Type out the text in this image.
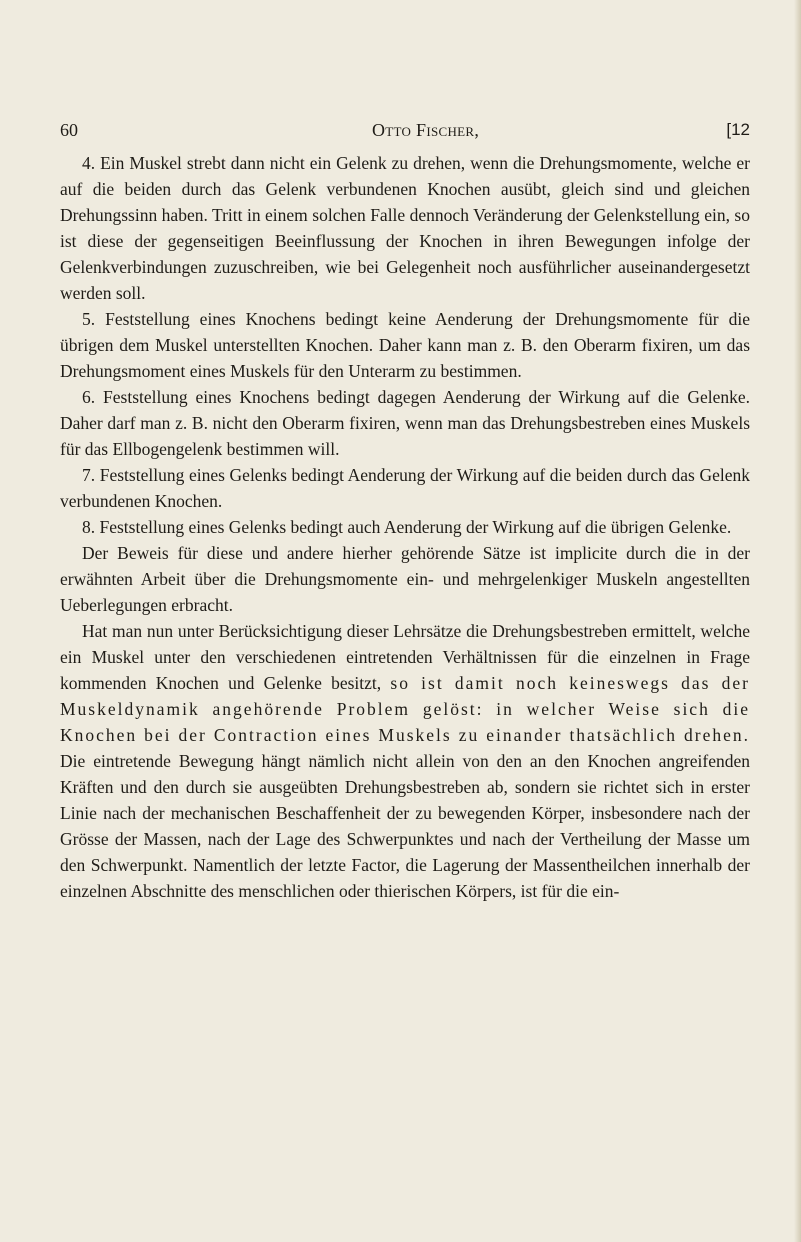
60	Otto Fischer,	[12

4. Ein Muskel strebt dann nicht ein Gelenk zu drehen, wenn die Drehungsmomente, welche er auf die beiden durch das Gelenk verbundenen Knochen ausübt, gleich sind und gleichen Drehungssinn haben. Tritt in einem solchen Falle dennoch Veränderung der Gelenkstellung ein, so ist diese der gegenseitigen Beeinflussung der Knochen in ihren Bewegungen infolge der Gelenkverbindungen zuzuschreiben, wie bei Gelegenheit noch ausführlicher auseinandergesetzt werden soll.

5. Feststellung eines Knochens bedingt keine Aenderung der Drehungsmomente für die übrigen dem Muskel unterstellten Knochen. Daher kann man z. B. den Oberarm fixiren, um das Drehungsmoment eines Muskels für den Unterarm zu bestimmen.

6. Feststellung eines Knochens bedingt dagegen Aenderung der Wirkung auf die Gelenke. Daher darf man z. B. nicht den Oberarm fixiren, wenn man das Drehungsbestreben eines Muskels für das Ellbogengelenk bestimmen will.

7. Feststellung eines Gelenks bedingt Aenderung der Wirkung auf die beiden durch das Gelenk verbundenen Knochen.

8. Feststellung eines Gelenks bedingt auch Aenderung der Wirkung auf die übrigen Gelenke.

Der Beweis für diese und andere hierher gehörende Sätze ist implicite durch die in der erwähnten Arbeit über die Drehungsmomente ein- und mehrgelenkiger Muskeln angestellten Ueberlegungen erbracht.

Hat man nun unter Berücksichtigung dieser Lehrsätze die Drehungsbestreben ermittelt, welche ein Muskel unter den verschiedenen eintretenden Verhältnissen für die einzelnen in Frage kommenden Knochen und Gelenke besitzt, so ist damit noch keineswegs das der Muskeldynamik angehörende Problem gelöst: in welcher Weise sich die Knochen bei der Contraction eines Muskels zu einander thatsächlich drehen. Die eintretende Bewegung hängt nämlich nicht allein von den an den Knochen angreifenden Kräften und den durch sie ausgeübten Drehungsbestreben ab, sondern sie richtet sich in erster Linie nach der mechanischen Beschaffenheit der zu bewegenden Körper, insbesondere nach der Grösse der Massen, nach der Lage des Schwerpunktes und nach der Vertheilung der Masse um den Schwerpunkt. Namentlich der letzte Factor, die Lagerung der Massentheilchen innerhalb der einzelnen Abschnitte des menschlichen oder thierischen Körpers, ist für die ein-
